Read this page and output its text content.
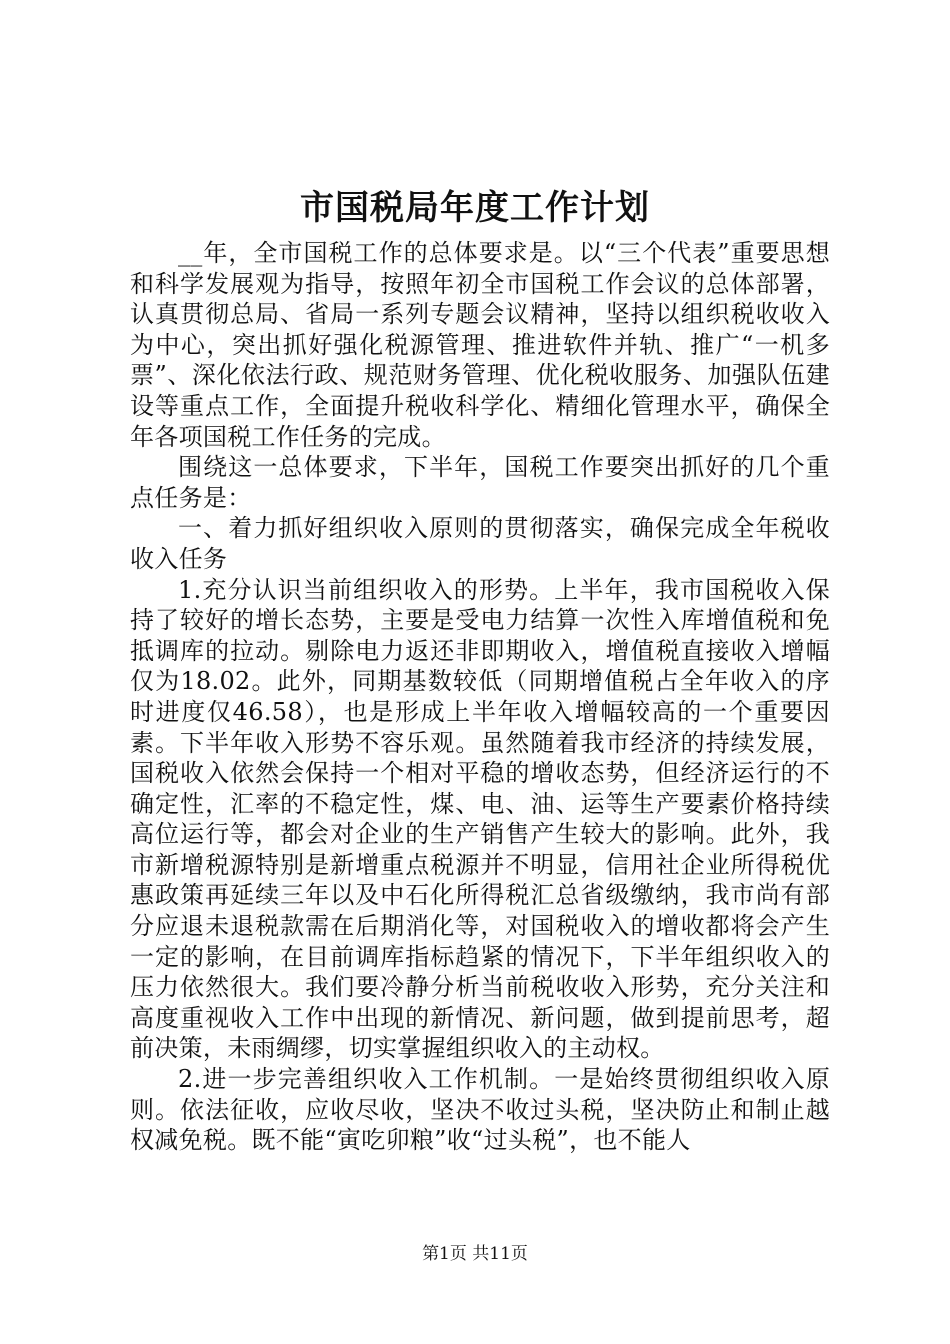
市国税局年度工作计划

__年，全市国税工作的总体要求是。以“三个代表”重要思想和科学发展观为指导，按照年初全市国税工作会议的总体部署，认真贯彻总局、省局一系列专题会议精神，坚持以组织税收收入为中心，突出抓好强化税源管理、推进软件并轨、推广“一机多票”、深化依法行政、规范财务管理、优化税收服务、加强队伍建设等重点工作，全面提升税收科学化、精细化管理水平，确保全年各项国税工作任务的完成。

围绕这一总体要求，下半年，国税工作要突出抓好的几个重点任务是：

一、着力抓好组织收入原则的贯彻落实，确保完成全年税收收入任务

1.充分认识当前组织收入的形势。上半年，我市国税收入保持了较好的增长态势，主要是受电力结算一次性入库增值税和免抵调库的拉动。剔除电力返还非即期收入，增值税直接收入增幅仅为18.02。此外，同期基数较低（同期增值税占全年收入的序时进度仅46.58），也是形成上半年收入增幅较高的一个重要因素。下半年收入形势不容乐观。虽然随着我市经济的持续发展，国税收入依然会保持一个相对平稳的增收态势，但经济运行的不确定性，汇率的不稳定性，煤、电、油、运等生产要素价格持续高位运行等，都会对企业的生产销售产生较大的影响。此外，我市新增税源特别是新增重点税源并不明显，信用社企业所得税优惠政策再延续三年以及中石化所得税汇总省级缴纳，我市尚有部分应退未退税款需在后期消化等，对国税收入的增收都将会产生一定的影响，在目前调库指标趋紧的情况下，下半年组织收入的压力依然很大。我们要冷静分析当前税收收入形势，充分关注和高度重视收入工作中出现的新情况、新问题，做到提前思考，超前决策，未雨绸缪，切实掌握组织收入的主动权。

2.进一步完善组织收入工作机制。一是始终贯彻组织收入原则。依法征收，应收尽收，坚决不收过头税，坚决防止和制止越权减免税。既不能“寅吃卯粮”收“过头税”，也不能人

第1页 共11页
